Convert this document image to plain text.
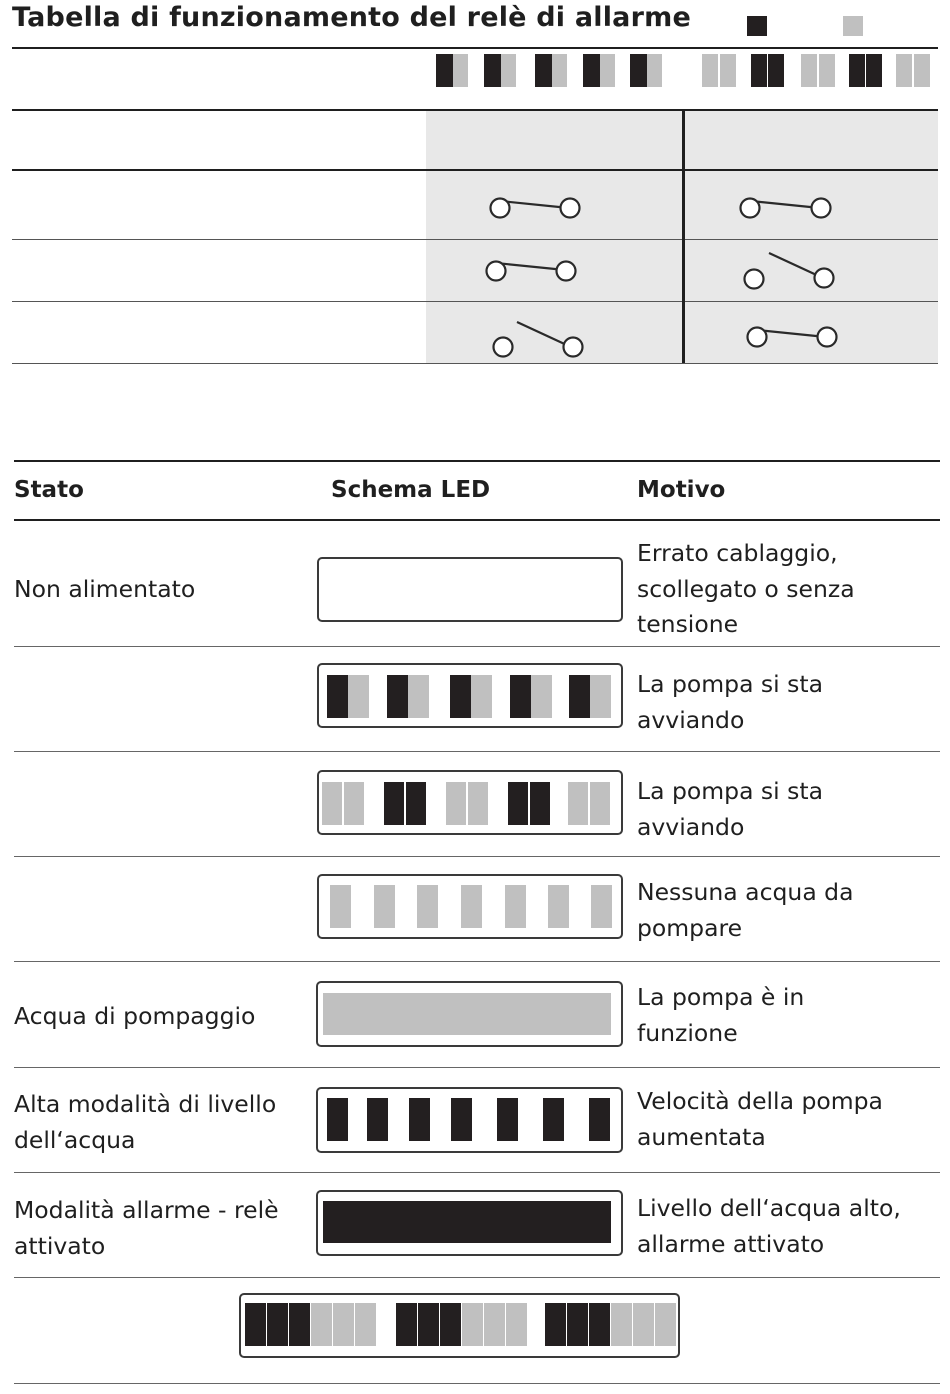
Tabella di funzionamento del relè di allarme
Stato	Schema LED	Motivo
Non alimentato
Errato cablaggio, scollegato o senza tensione
La pompa si sta avviando
La pompa si sta avviando
Nessuna acqua da pompare
Acqua di pompaggio
La pompa è in funzione
Alta modalità di livello dell‘acqua
Velocità della pompa aumentata
Modalità allarme - relè attivato
Livello dell‘acqua alto, allarme attivato
